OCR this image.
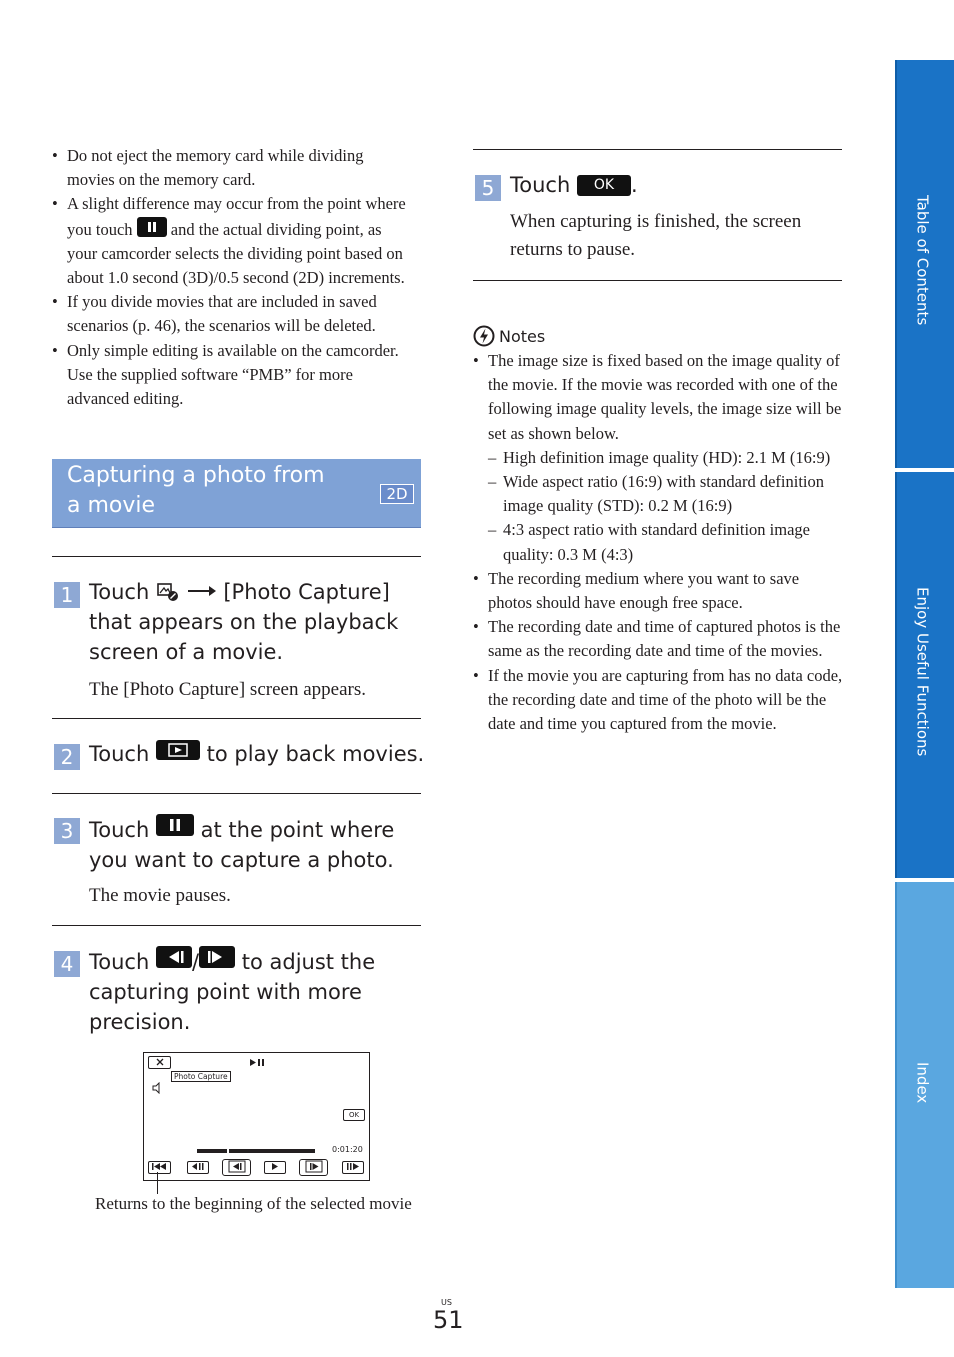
• Do not eject the memory card while dividing movies on the memory card.
• A slight difference may occur from the point where you touch  and the actual dividing point, as your camcorder selects the dividing point based on about 1.0 second (3D)/0.5 second (2D) increments.
• If you divide movies that are included in saved scenarios (p. 46), the scenarios will be deleted.
• Only simple editing is available on the camcorder. Use the supplied software “PMB” for more advanced editing.
Capturing a photo from
a movie	2D
1 Touch	[Photo Capture] that appears on the playback screen of a movie.
The [Photo Capture] screen appears.
2 Touch	to play back movies.
3 Touch at the point where you want to capture a photo.
The movie pauses.
4 Touch / to adjust the capturing point with more precision.
Photo Capture
OK
0:01:20
Returns to the beginning of the selected movie
5 Touch OK .
When capturing is finished, the screen returns to pause.
Notes
• The image size is fixed based on the image quality of the movie. If the movie was recorded with one of the following image quality levels, the image size will be set as shown below.
– High definition image quality (HD): 2.1 M (16:9)
– Wide aspect ratio (16:9) with standard definition image quality (STD): 0.2 M (16:9)
– 4:3 aspect ratio with standard definition image quality: 0.3 M (4:3)
• The recording medium where you want to save photos should have enough free space.
• The recording date and time of captured photos is the same as the recording date and time of the movies.
• If the movie you are capturing from has no data code, the recording date and time of the photo will be the date and time you captured from the movie.
Table of Contents
Enjoy Useful Functions
Index
US
51
